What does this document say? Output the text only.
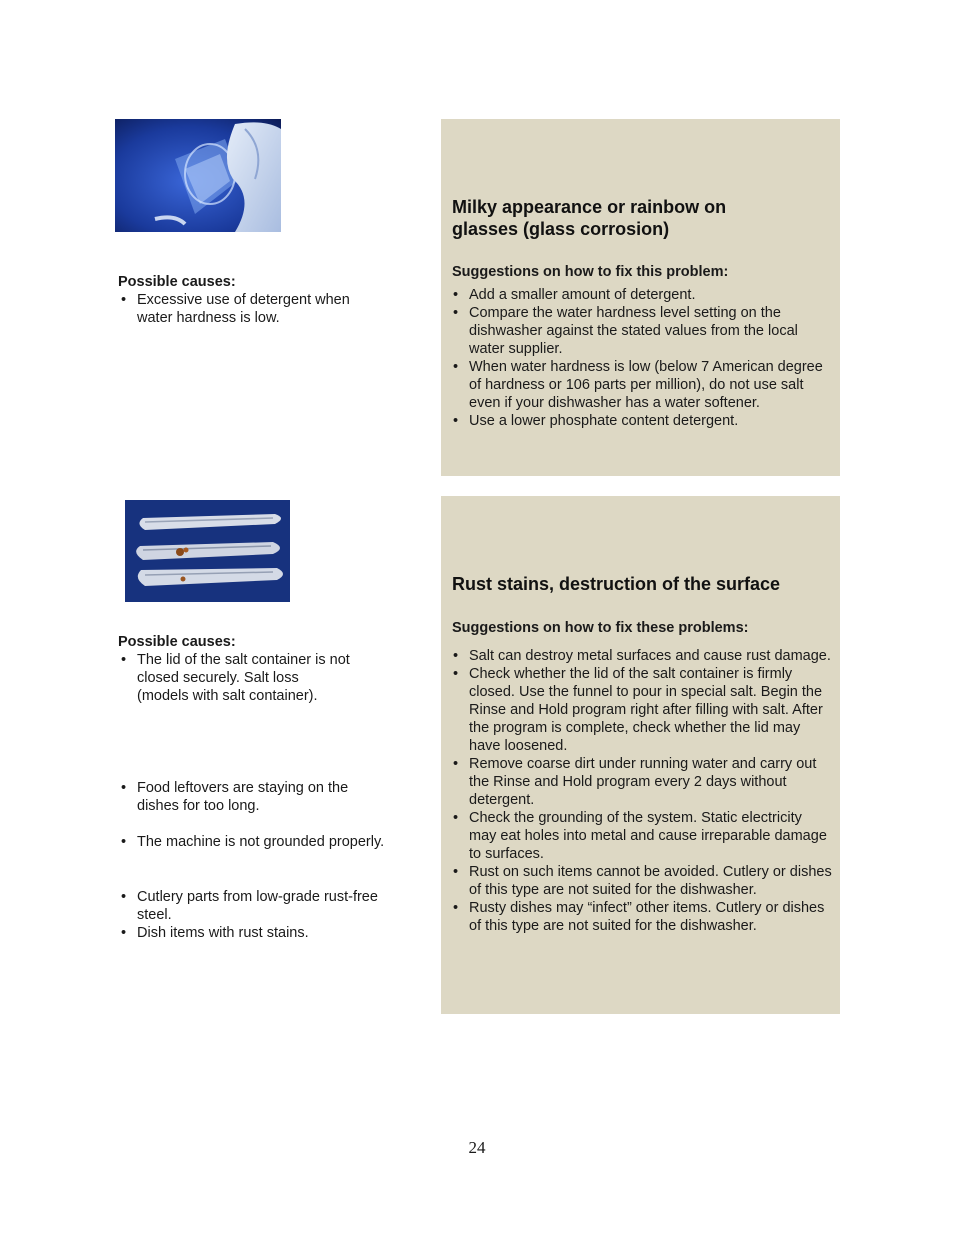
Possible causes:
• Excessive use of detergent when water hardness is low.
Milky appearance or rainbow on glasses (glass corrosion)
Suggestions on how to fix this problem:
• Add a smaller amount of detergent.
• Compare the water hardness level setting on the dishwasher against the stated values from the local water supplier.
• When water hardness is low (below 7 American degree of hardness or 106 parts per million), do not use salt even if your dishwasher has a water softener.
• Use a lower phosphate content detergent.
Possible causes:
• The lid of the salt container is not closed securely. Salt loss (models with salt container).
• Food leftovers are staying on the dishes for too long.
• The machine is not grounded properly.
• Cutlery parts from low-grade rust-free steel.
• Dish items with rust stains.
Rust stains, destruction of the surface
Suggestions on how to fix these problems:
• Salt can destroy metal surfaces and cause rust damage.
• Check whether the lid of the salt container is firmly closed. Use the funnel to pour in special salt. Begin the Rinse and Hold program right after filling with salt. After the program is complete, check whether the lid may have loosened.
• Remove coarse dirt under running water and carry out the Rinse and Hold program every 2 days without detergent.
• Check the grounding of the system. Static electricity may eat holes into metal and cause irreparable damage to surfaces.
• Rust on such items cannot be avoided. Cutlery or dishes of this type are not suited for the dishwasher.
• Rusty dishes may “infect” other items. Cutlery or dishes of this type are not suited for the dishwasher.
24
